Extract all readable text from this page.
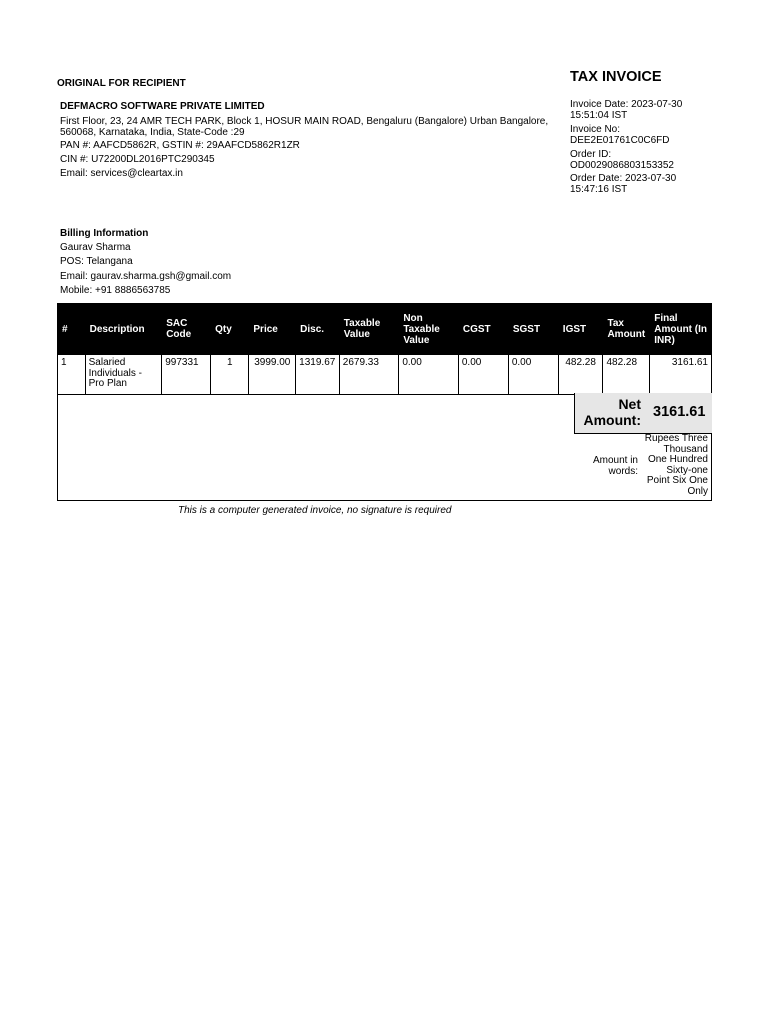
ORIGINAL FOR RECIPIENT	TAX INVOICE
DEFMACRO SOFTWARE PRIVATE LIMITED
First Floor, 23, 24 AMR TECH PARK, Block 1, HOSUR MAIN ROAD, Bengaluru (Bangalore) Urban Bangalore,
560068, Karnataka, India, State-Code :29
PAN #: AAFCD5862R, GSTIN #: 29AAFCD5862R1ZR
CIN #: U72200DL2016PTC290345
Email: services@cleartax.in
Invoice Date: 2023-07-30
15:51:04 IST
Invoice No:
DEE2E01761C0C6FD
Order ID:
OD0029086803153352
Order Date: 2023-07-30
15:47:16 IST
Billing Information
Gaurav Sharma
POS: Telangana
Email: gaurav.sharma.gsh@gmail.com
Mobile: +91 8886563785
#	Description	SAC Code	Qty	Price	Disc.	Taxable Value	Non Taxable Value	CGST	SGST	IGST	Tax Amount	Final Amount (In INR)
1	Salaried Individuals - Pro Plan	997331	1	3999.00	1319.67	2679.33	0.00	0.00	0.00	482.28	482.28	3161.61
Net Amount: 3161.61
Amount in words:
Rupees Three Thousand One Hundred Sixty-one Point Six One Only
This is a computer generated invoice, no signature is required
